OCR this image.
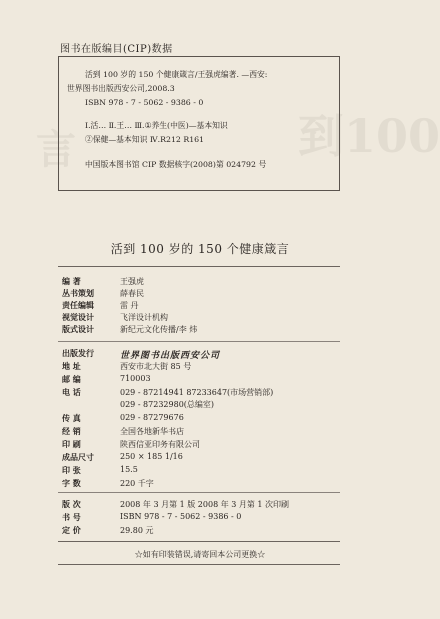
到100
言
图书在版编目(CIP)数据
活到 100 岁的 150 个健康箴言/王强虎编著. —西安:
世界图书出版西安公司,2008.3
ISBN 978 - 7 - 5062 - 9386 - 0
Ⅰ.活… Ⅱ.王… Ⅲ.①养生(中医)—基本知识
②保健—基本知识 Ⅳ.R212 R161
中国版本图书馆 CIP 数据核字(2008)第 024792 号
活到 100 岁的 150 个健康箴言
编 著	王强虎
丛书策划	薛春民
责任编辑	雷 丹
视觉设计	飞洋设计机构
版式设计	新纪元文化传播/李 炜
出版发行	世界图书出版西安公司
地 址	西安市北大街 85 号
邮 编	710003
电 话	029 - 87214941 87233647(市场营销部)
029 - 87232980(总编室)
传 真	029 - 87279676
经 销	全国各地新华书店
印 刷	陕西信亚印务有限公司
成品尺寸	250 × 185 1/16
印 张	15.5
字 数	220 千字
版 次	2008 年 3 月第 1 版 2008 年 3 月第 1 次印刷
书 号	ISBN 978 - 7 - 5062 - 9386 - 0
定 价	29.80 元
☆如有印装错误,请寄回本公司更换☆
